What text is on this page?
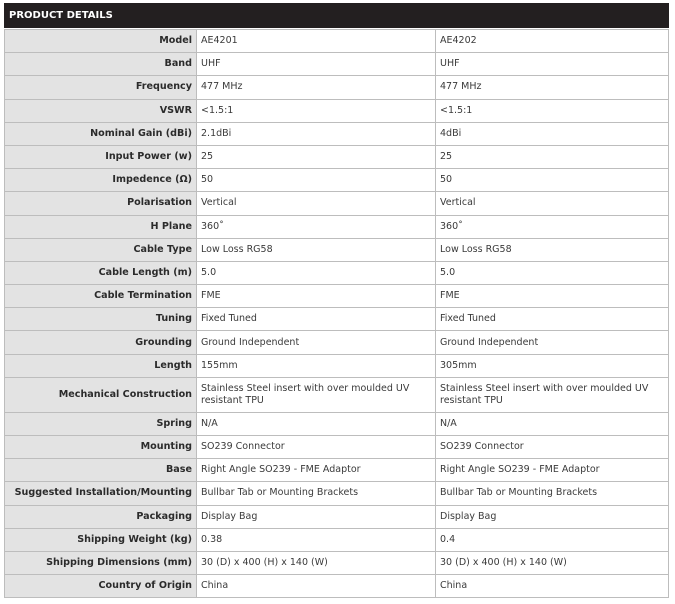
PRODUCT DETAILS
Model	AE4201	AE4202
Band	UHF	UHF
Frequency	477 MHz	477 MHz
VSWR	<1.5:1	<1.5:1
Nominal Gain (dBi)	2.1dBi	4dBi
Input Power (w)	25	25
Impedence (Ω)	50	50
Polarisation	Vertical	Vertical
H Plane	360˚	360˚
Cable Type	Low Loss RG58	Low Loss RG58
Cable Length (m)	5.0	5.0
Cable Termination	FME	FME
Tuning	Fixed Tuned	Fixed Tuned
Grounding	Ground Independent	Ground Independent
Length	155mm	305mm
Mechanical Construction	Stainless Steel insert with over moulded UV resistant TPU	Stainless Steel insert with over moulded UV resistant TPU
Spring	N/A	N/A
Mounting	SO239 Connector	SO239 Connector
Base	Right Angle SO239 - FME Adaptor	Right Angle SO239 - FME Adaptor
Suggested Installation/Mounting	Bullbar Tab or Mounting Brackets	Bullbar Tab or Mounting Brackets
Packaging	Display Bag	Display Bag
Shipping Weight (kg)	0.38	0.4
Shipping Dimensions (mm)	30 (D) x 400 (H) x 140 (W)	30 (D) x 400 (H) x 140 (W)
Country of Origin	China	China
